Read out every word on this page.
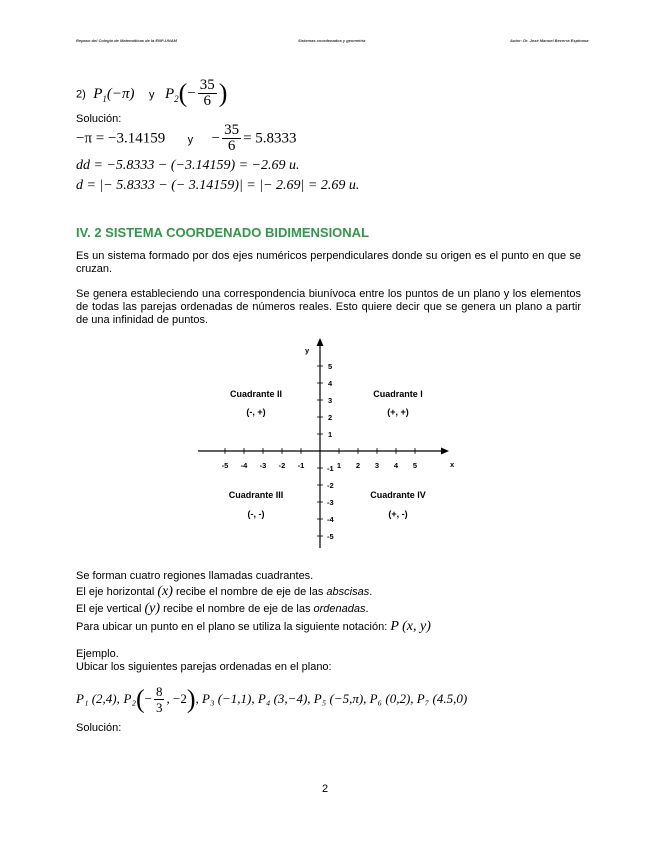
Repaso del Colegio de Matemáticas de la ENP-UNAM	Sistemas coordenados y geometría	Autor: Dr. José Manuel Becerra Espinosa
2) $P_1(-\pi)$ y $P_2(- \frac{35}{6}$ )
Solución:
−π = −3.14159 $y - \frac{35}{6} = 5.8333$
dd = −5.8333 − (−3.14159) = −2.69 u.
d = |− 5.8333 − (− 3.14159)| = |− 2.69| = 2.69 u.
IV. 2 SISTEMA COORDENADO BIDIMENSIONAL
Es un sistema formado por dos ejes numéricos perpendiculares donde su origen es el punto en que se cruzan.
Se genera estableciendo una correspondencia biunívoca entre los puntos de un plano y los elementos de todas las parejas ordenadas de números reales. Esto quiere decir que se genera un plano a partir de una infinidad de puntos.
1 2 3 4 5
-5 -4 -3 -2 -1
1
2
3
4
5
-1
-2
-3
-4
-5
y
x
Cuadrante II
(-, +)
Cuadrante I
(+, +)
Cuadrante III
(-, -)
Cuadrante IV
(+, -)
Se forman cuatro regiones llamadas cuadrantes.
El eje horizontal (x) recibe el nombre de eje de las abscisas.
El eje vertical (y) recibe el nombre de eje de las ordenadas.
Para ubicar un punto en el plano se utiliza la siguiente notación: P (x, y)
Ejemplo.
Ubicar los siguientes parejas ordenadas en el plano:
P₁ (2,4), $P_2(- \frac{8}{3}$ , −2), P₃ (−1,1), P₄ (3,−4), P₅ (−5,π), P₆ (0,2), P₇ (4.5,0)
Solución:
2
